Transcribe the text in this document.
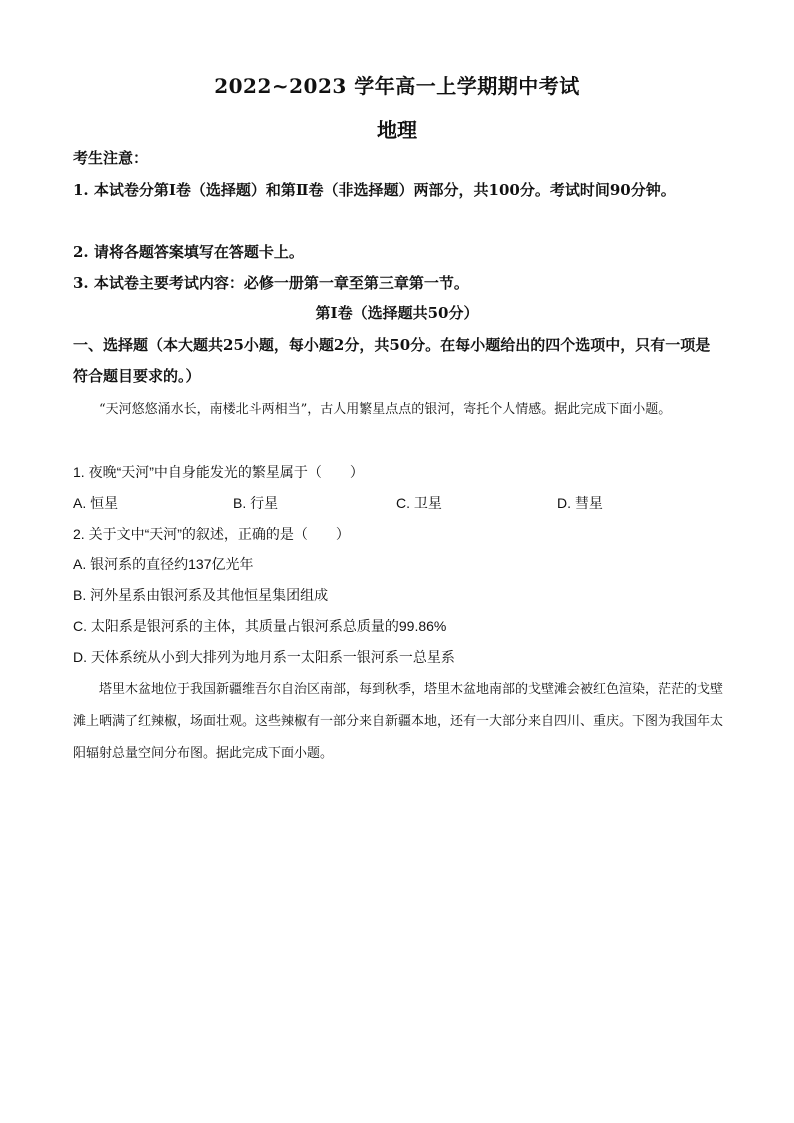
2022~2023 学年高一上学期期中考试
地理
考生注意：
1. 本试卷分第Ⅰ卷（选择题）和第Ⅱ卷（非选择题）两部分，共100分。考试时间90分钟。
2. 请将各题答案填写在答题卡上。
3. 本试卷主要考试内容：必修一册第一章至第三章第一节。
第Ⅰ卷（选择题共50分）
一、选择题（本大题共25小题，每小题2分，共50分。在每小题给出的四个选项中，只有一项是符合题目要求的。）
“天河悠悠涌水长，南楼北斗两相当”，古人用繁星点点的银河，寄托个人情感。据此完成下面小题。
1. 夜晚“天河”中自身能发光的繁星属于（　　）
A. 恒星	B. 行星	C. 卫星	D. 彗星
2. 关于文中“天河”的叙述，正确的是（　　）
A. 银河系的直径约137亿光年
B. 河外星系由银河系及其他恒星集团组成
C. 太阳系是银河系的主体，其质量占银河系总质量的99.86%
D. 天体系统从小到大排列为地月系一太阳系一银河系一总星系
塔里木盆地位于我国新疆维吾尔自治区南部，每到秋季，塔里木盆地南部的戈壁滩会被红色渲染，茫茫的戈壁滩上晒满了红辣椒，场面壮观。这些辣椒有一部分来自新疆本地，还有一大部分来自四川、重庆。下图为我国年太阳辐射总量空间分布图。据此完成下面小题。
